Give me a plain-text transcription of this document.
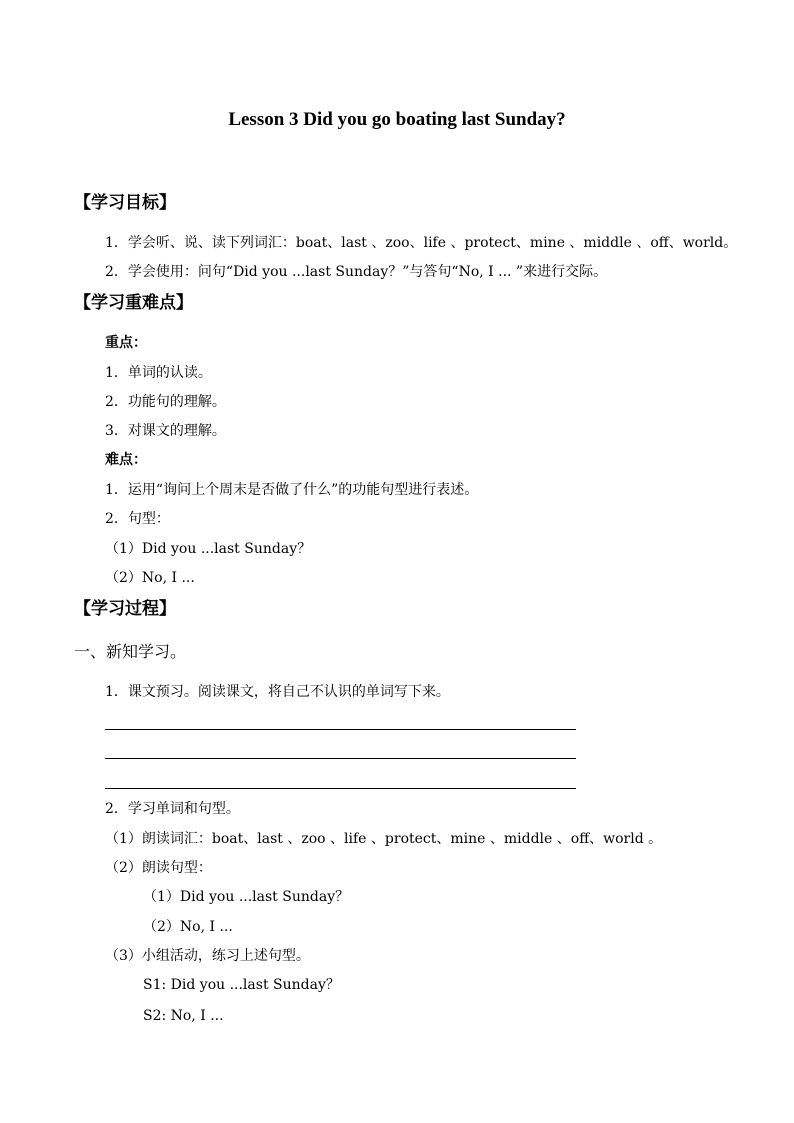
Lesson 3 Did you go boating last Sunday?
【学习目标】
1．学会听、说、读下列词汇：boat、last 、zoo、life 、protect、mine 、middle 、off、world。
2．学会使用：问句“Did you ...last Sunday？”与答句“No, I ... ”来进行交际。
【学习重难点】
重点：
1．单词的认读。
2．功能句的理解。
3．对课文的理解。
难点：
1．运用“询问上个周末是否做了什么”的功能句型进行表述。
2．句型：
（1）Did you ...last Sunday？
（2）No, I ...
【学习过程】
一、新知学习。
1．课文预习。阅读课文，将自己不认识的单词写下来。
2．学习单词和句型。
（1）朗读词汇：boat、last 、zoo 、life 、protect、mine 、middle 、off、world 。
（2）朗读句型：
（1）Did you ...last Sunday？
（2）No, I ...
（3）小组活动，练习上述句型。
S1: Did you ...last Sunday？
S2: No, I ...
